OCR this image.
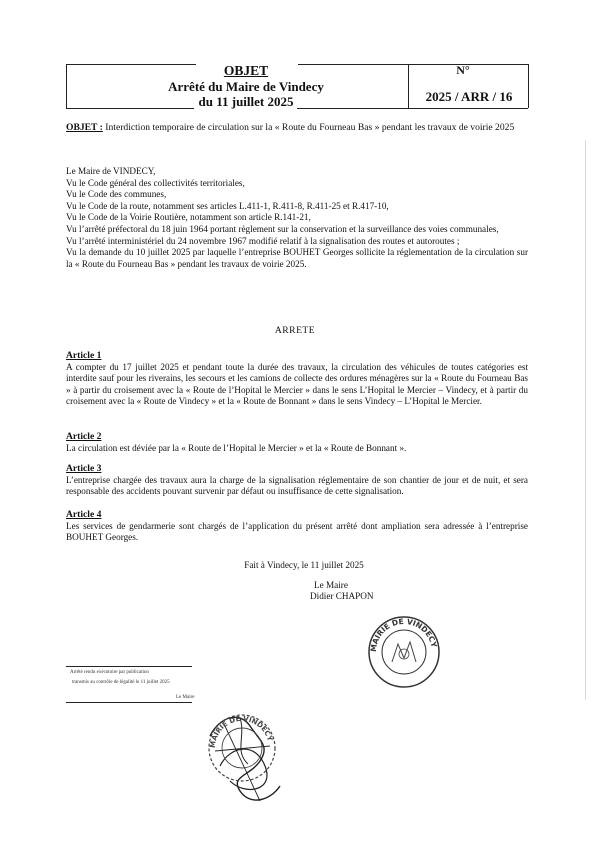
OBJET
Arrêté du Maire de Vindecy
du 11 juillet 2025
N°
2025 / ARR / 16
OBJET : Interdiction temporaire de circulation sur la « Route du Fourneau Bas » pendant les travaux de voirie 2025

Le Maire de VINDECY,

Vu le Code général des collectivités territoriales,

Vu le Code des communes,

Vu le Code de la route, notamment ses articles L.411-1, R.411-8, R.411-25 et R.417-10,

Vu le Code de la Voirie Routière, notamment son article R.141-21,

Vu l’arrêté préfectoral du 18 juin 1964 portant règlement sur la conservation et la surveillance des voies communales,

Vu l’arrêté interministériel du 24 novembre 1967 modifié relatif à la signalisation des routes et autoroutes ;

Vu la demande du 10 juillet 2025 par laquelle l’entreprise BOUHET Georges sollicite la réglementation de la circulation sur la « Route du Fourneau Bas » pendant les travaux de voirie 2025.

ARRETE
Article 1

A compter du 17 juillet 2025 et pendant toute la durée des travaux, la circulation des véhicules de toutes catégories est interdite sauf pour les riverains, les secours et les camions de collecte des ordures ménagères sur la « Route du Fourneau Bas » à partir du croisement avec la « Route de l’Hopital le Mercier » dans le sens L’Hopital le Mercier – Vindecy, et à partir du croisement avec la « Route de Vindecy » et la « Route de Bonnant » dans le sens Vindecy – L’Hopital le Mercier.

Article 2

La circulation est déviée par la « Route de l’Hopital le Mercier » et la « Route de Bonnant ».

Article 3

L’entreprise chargée des travaux aura la charge de la signalisation réglementaire de son chantier de jour et de nuit, et sera responsable des accidents pouvant survenir par défaut ou insuffisance de cette signalisation.

Article 4

Les services de gendarmerie sont chargés de l’application du présent arrêté dont ampliation sera adressée à l’entreprise BOUHET Georges.

Fait à Vindecy, le 11 juillet 2025
Le Maire
Didier CHAPON
MAIRIE DE VINDECY
Arrêté rendu exécutoire par publication
transmis au contrôle de légalité le 11 juillet 2025
Le Maire
MAIRIE DE VINDECY
